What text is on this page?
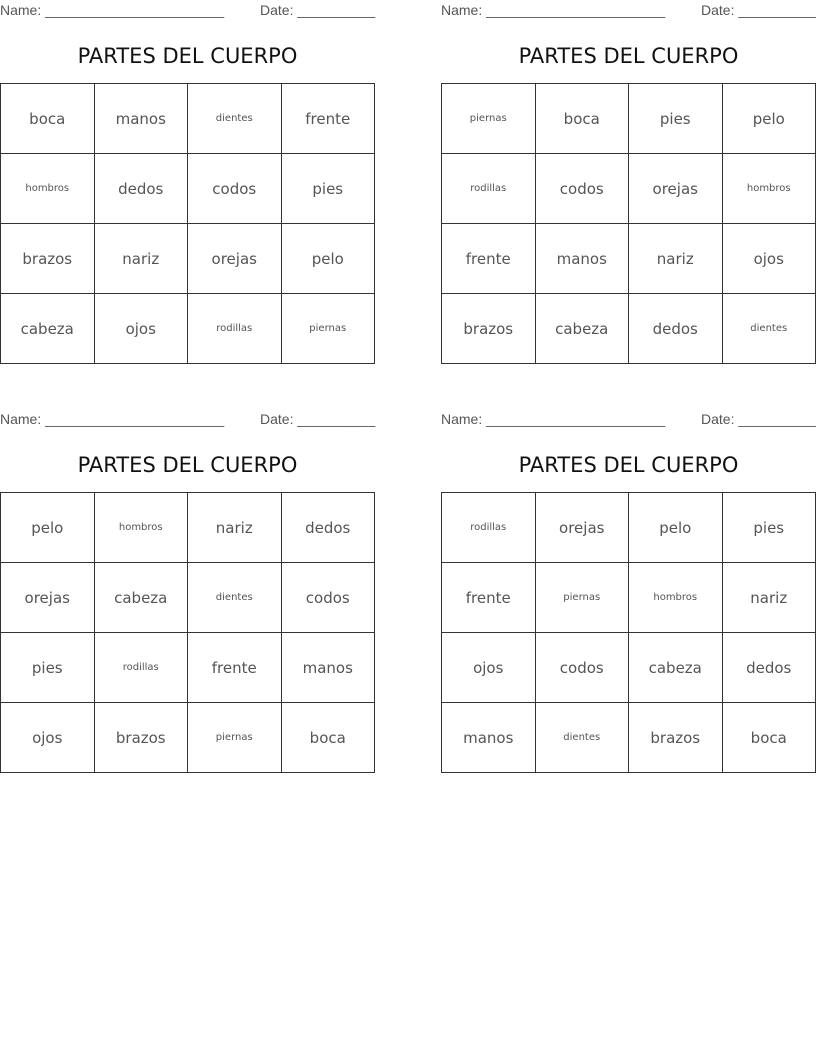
Name: _______________________	Date: __________
PARTES DEL CUERPO
boca	manos	dientes	frente
hombros	dedos	codos	pies
brazos	nariz	orejas	pelo
cabeza	ojos	rodillas	piernas
Name: _______________________	Date: __________
PARTES DEL CUERPO
piernas	boca	pies	pelo
rodillas	codos	orejas	hombros
frente	manos	nariz	ojos
brazos	cabeza	dedos	dientes
Name: _______________________	Date: __________
PARTES DEL CUERPO
pelo	hombros	nariz	dedos
orejas	cabeza	dientes	codos
pies	rodillas	frente	manos
ojos	brazos	piernas	boca
Name: _______________________	Date: __________
PARTES DEL CUERPO
rodillas	orejas	pelo	pies
frente	piernas	hombros	nariz
ojos	codos	cabeza	dedos
manos	dientes	brazos	boca
